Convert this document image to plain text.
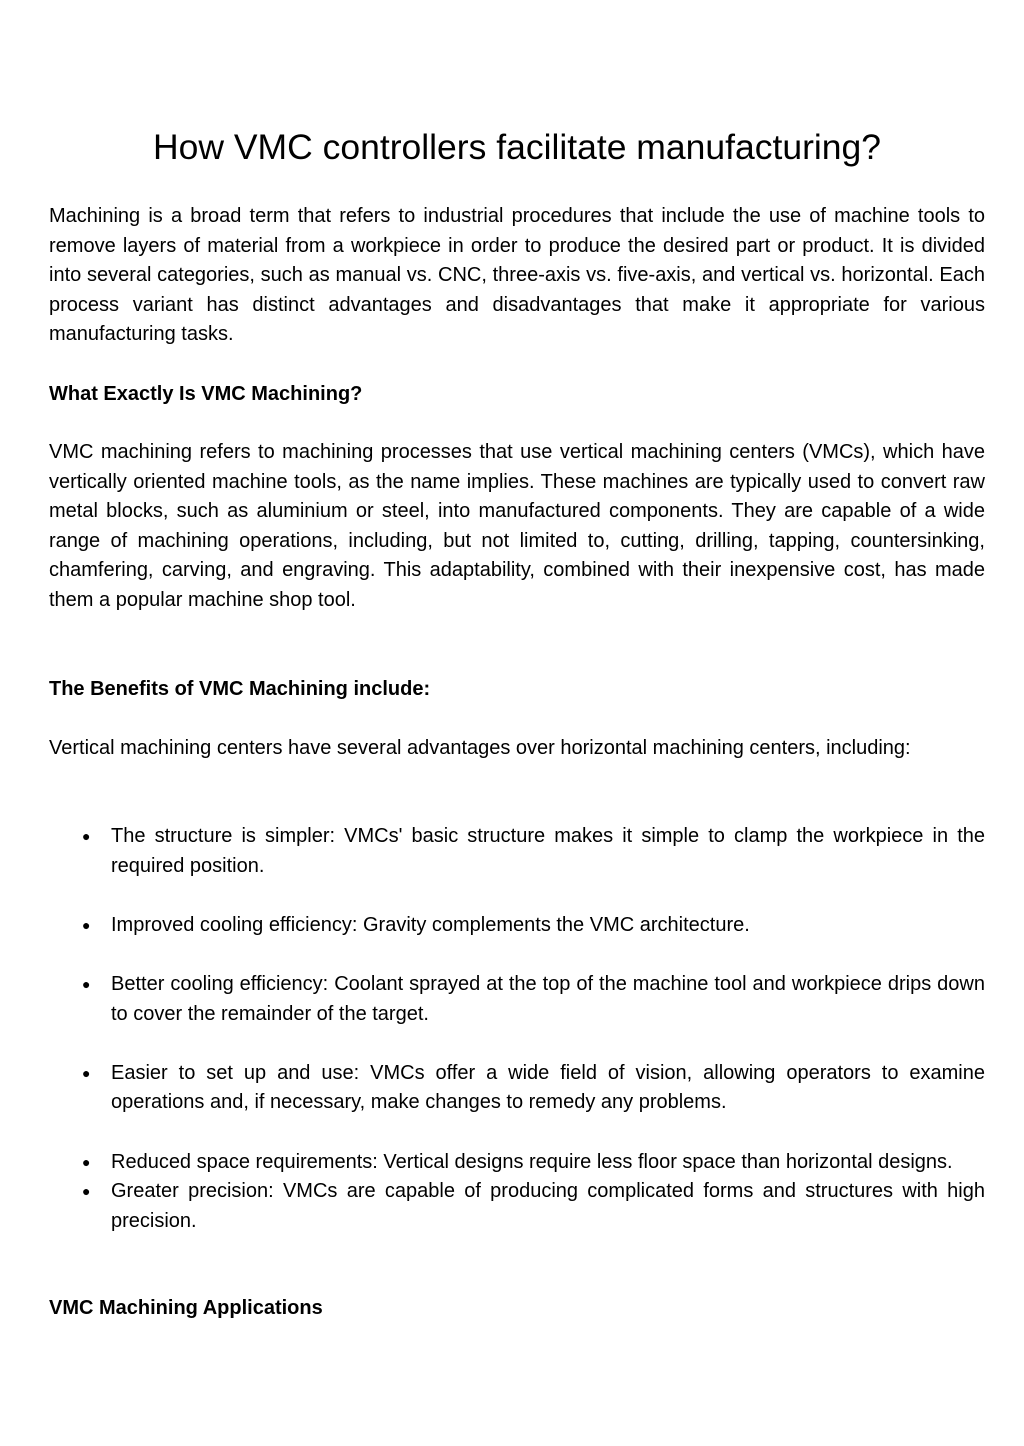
How VMC controllers facilitate manufacturing?

Machining is a broad term that refers to industrial procedures that include the use of machine tools to remove layers of material from a workpiece in order to produce the desired part or product. It is divided into several categories, such as manual vs. CNC, three-axis vs. five-axis, and vertical vs. horizontal. Each process variant has distinct advantages and disadvantages that make it appropriate for various manufacturing tasks.

What Exactly Is VMC Machining?

VMC machining refers to machining processes that use vertical machining centers (VMCs), which have vertically oriented machine tools, as the name implies. These machines are typically used to convert raw metal blocks, such as aluminium or steel, into manufactured components. They are capable of a wide range of machining operations, including, but not limited to, cutting, drilling, tapping, countersinking, chamfering, carving, and engraving. This adaptability, combined with their inexpensive cost, has made them a popular machine shop tool.

The Benefits of VMC Machining include:

Vertical machining centers have several advantages over horizontal machining centers, including:

● The structure is simpler: VMCs' basic structure makes it simple to clamp the workpiece in the required position.
● Improved cooling efficiency: Gravity complements the VMC architecture.
● Better cooling efficiency: Coolant sprayed at the top of the machine tool and workpiece drips down to cover the remainder of the target.
● Easier to set up and use: VMCs offer a wide field of vision, allowing operators to examine operations and, if necessary, make changes to remedy any problems.
● Reduced space requirements: Vertical designs require less floor space than horizontal designs.
● Greater precision: VMCs are capable of producing complicated forms and structures with high precision.
VMC Machining Applications
